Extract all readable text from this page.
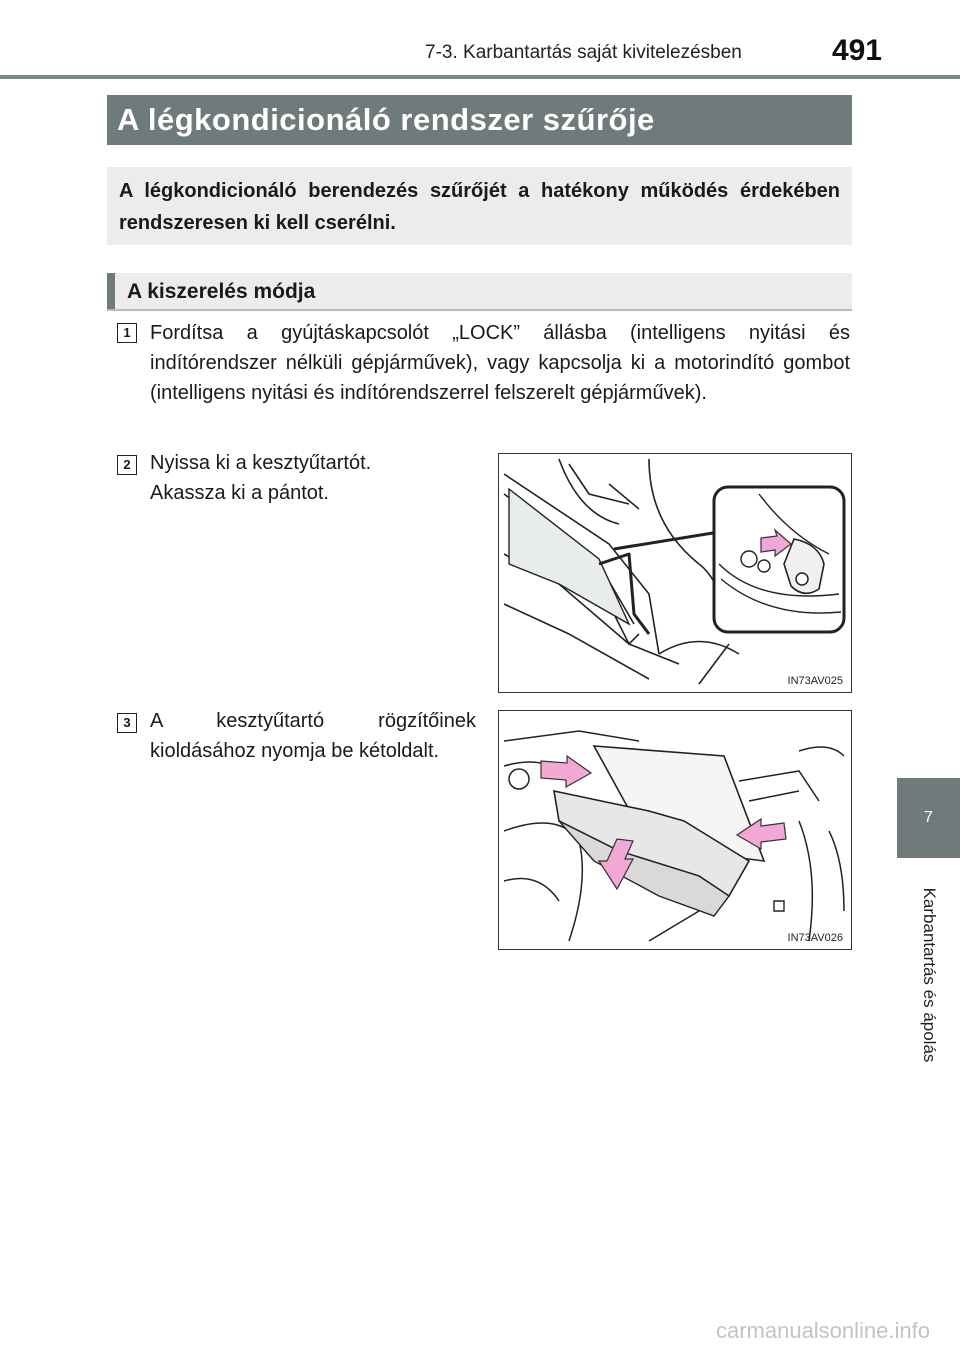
7-3. Karbantartás saját kivitelezésben	491
A légkondicionáló rendszer szűrője
A légkondicionáló berendezés szűrőjét a hatékony működés érdekében rendszeresen ki kell cserélni.
A kiszerelés módja
1 Fordítsa a gyújtáskapcsolót „LOCK” állásba (intelligens nyitási és indítórendszer nélküli gépjárművek), vagy kapcsolja ki a motorindító gombot (intelligens nyitási és indítórendszerrel felszerelt gépjárművek).
2 Nyissa ki a kesztyűtartót.
Akassza ki a pántot.
IN73AV025
3 A kesztyűtartó rögzítőinek kioldásához nyomja be kétoldalt.
IN73AV026
7
Karbantartás és ápolás
carmanualsonline.info
